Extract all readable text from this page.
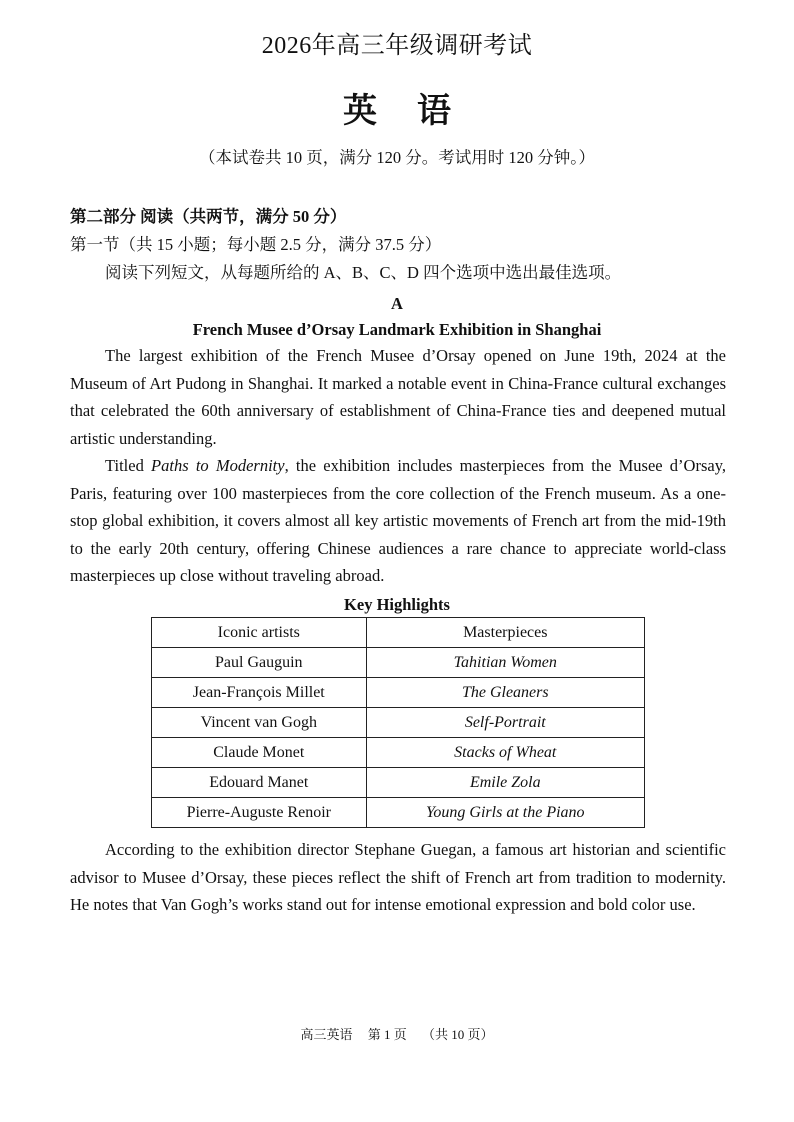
2026年高三年级调研考试
英语
（本试卷共 10 页，满分 120 分。考试用时 120 分钟。）
第二部分 阅读（共两节，满分 50 分）
第一节（共 15 小题；每小题 2.5 分，满分 37.5 分）
阅读下列短文，从每题所给的 A、B、C、D 四个选项中选出最佳选项。
A
French Musee d’Orsay Landmark Exhibition in Shanghai

The largest exhibition of the French Musee d’Orsay opened on June 19th, 2024 at the Museum of Art Pudong in Shanghai. It marked a notable event in China-France cultural exchanges that celebrated the 60th anniversary of establishment of China-France ties and deepened mutual artistic understanding.

Titled Paths to Modernity, the exhibition includes masterpieces from the Musee d’Orsay, Paris, featuring over 100 masterpieces from the core collection of the French museum. As a one-stop global exhibition, it covers almost all key artistic movements of French art from the mid-19th to the early 20th century, offering Chinese audiences a rare chance to appreciate world-class masterpieces up close without traveling abroad.

Key Highlights
Iconic artists	Masterpieces
Paul Gauguin	Tahitian Women
Jean-François Millet	The Gleaners
Vincent van Gogh	Self-Portrait
Claude Monet	Stacks of Wheat
Edouard Manet	Emile Zola
Pierre-Auguste Renoir	Young Girls at the Piano

According to the exhibition director Stephane Guegan, a famous art historian and scientific advisor to Musee d’Orsay, these pieces reflect the shift of French art from tradition to modernity. He notes that Van Gogh’s works stand out for intense emotional expression and bold color use.

高三英语 第 1 页 （共 10 页）
